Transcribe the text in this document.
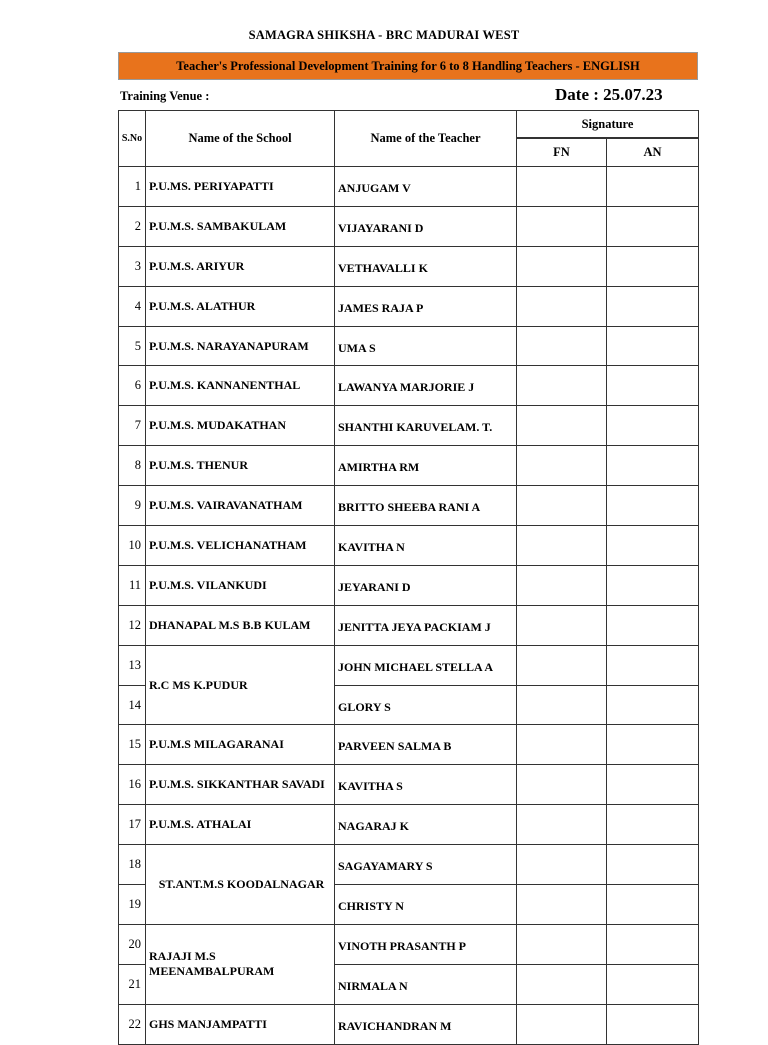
SAMAGRA SHIKSHA - BRC MADURAI WEST
Teacher's Professional Development Training for 6 to 8 Handling Teachers - ENGLISH
Training Venue :	Date : 25.07.23
S.No	Name of the School	Name of the Teacher	Signature	
			FN	AN
1	P.U.MS. PERIYAPATTI	ANJUGAM V		
2	P.U.M.S. SAMBAKULAM	VIJAYARANI D		
3	P.U.M.S. ARIYUR	VETHAVALLI K		
4	P.U.M.S. ALATHUR	JAMES RAJA P		
5	P.U.M.S. NARAYANAPURAM	UMA S		
6	P.U.M.S. KANNANENTHAL	LAWANYA MARJORIE J		
7	P.U.M.S. MUDAKATHAN	SHANTHI KARUVELAM. T.		
8	P.U.M.S. THENUR	AMIRTHA RM		
9	P.U.M.S. VAIRAVANATHAM	BRITTO SHEEBA RANI A		
10	P.U.M.S. VELICHANATHAM	KAVITHA N		
11	P.U.M.S. VILANKUDI	JEYARANI D		
12	DHANAPAL M.S B.B KULAM	JENITTA JEYA PACKIAM J		
13	R.C MS K.PUDUR	JOHN MICHAEL STELLA A		
14		GLORY S		
15	P.U.M.S MILAGARANAI	PARVEEN SALMA B		
16	P.U.M.S. SIKKANTHAR SAVADI	KAVITHA S		
17	P.U.M.S. ATHALAI	NAGARAJ K		
18	ST.ANT.M.S KOODALNAGAR	SAGAYAMARY S		
19		CHRISTY N		
20	RAJAJI M.S MEENAMBALPURAM	VINOTH PRASANTH P		
21		NIRMALA N		
22	GHS MANJAMPATTI	RAVICHANDRAN M		
